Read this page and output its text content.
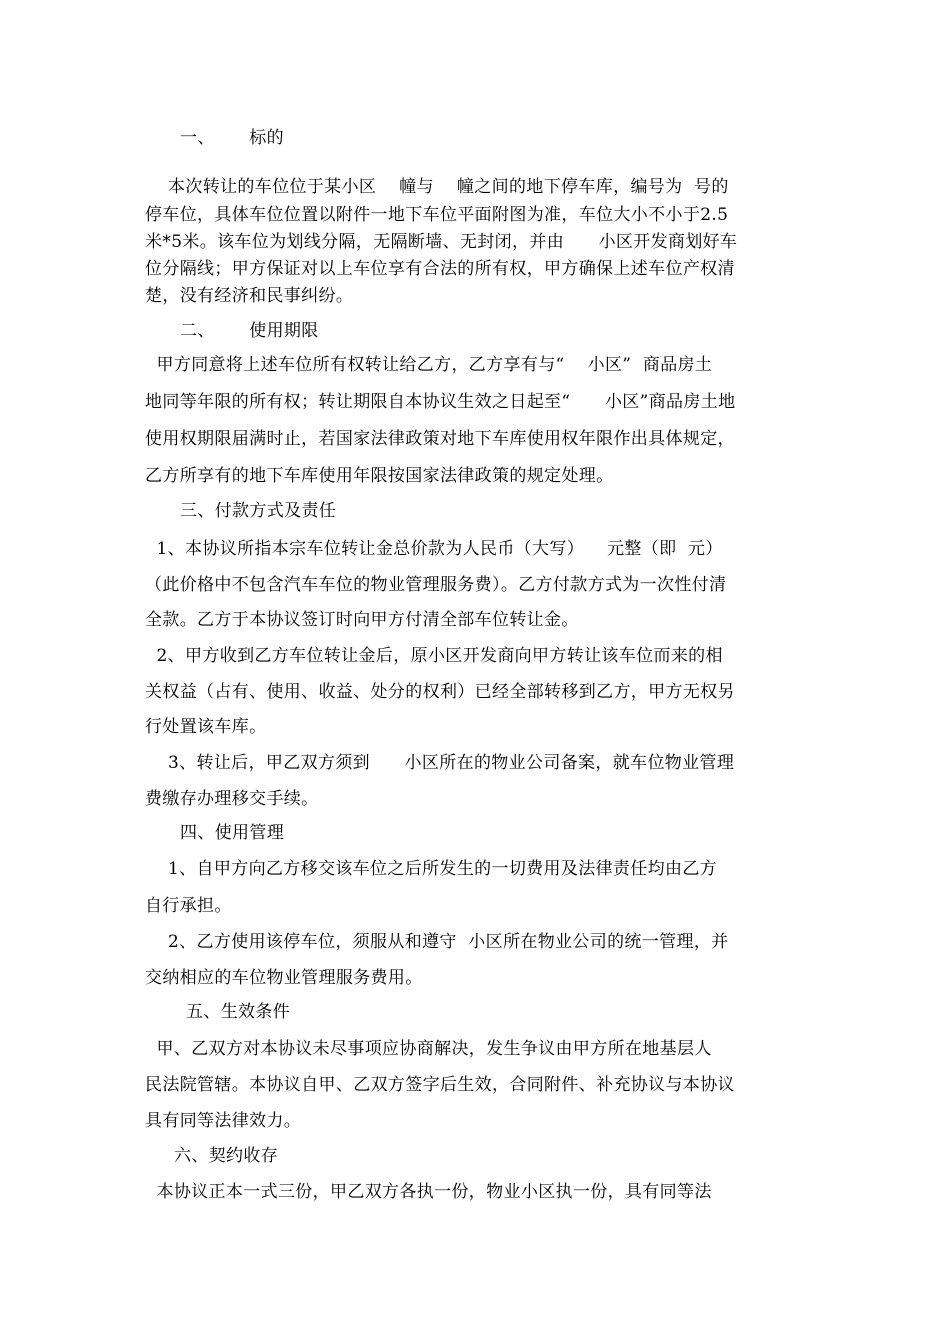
一、      标的
本次转让的车位位于某小区    幢与    幢之间的地下停车库，编号为  号的
停车位，具体车位位置以附件一地下车位平面附图为准，车位大小不小于2.5
米*5米。该车位为划线分隔，无隔断墙、无封闭，并由      小区开发商划好车
位分隔线；甲方保证对以上车位享有合法的所有权，甲方确保上述车位产权清
楚，没有经济和民事纠纷。
二、      使用期限
甲方同意将上述车位所有权转让给乙方，乙方享有与“    小区”  商品房土
地同等年限的所有权；转让期限自本协议生效之日起至“      小区”商品房土地
使用权期限届满时止，若国家法律政策对地下车库使用权年限作出具体规定，
乙方所享有的地下车库使用年限按国家法律政策的规定处理。
三、付款方式及责任
1、本协议所指本宗车位转让金总价款为人民币（大写）    元整（即  元）
（此价格中不包含汽车车位的物业管理服务费）。乙方付款方式为一次性付清
全款。乙方于本协议签订时向甲方付清全部车位转让金。
2、甲方收到乙方车位转让金后，原小区开发商向甲方转让该车位而来的相
关权益（占有、使用、收益、处分的权利）已经全部转移到乙方，甲方无权另
行处置该车库。
3、转让后，甲乙双方须到      小区所在的物业公司备案，就车位物业管理
费缴存办理移交手续。
四、使用管理
1、自甲方向乙方移交该车位之后所发生的一切费用及法律责任均由乙方
自行承担。
2、乙方使用该停车位，须服从和遵守  小区所在物业公司的统一管理，并
交纳相应的车位物业管理服务费用。
五、生效条件
甲、乙双方对本协议未尽事项应协商解决，发生争议由甲方所在地基层人
民法院管辖。本协议自甲、乙双方签字后生效，合同附件、补充协议与本协议
具有同等法律效力。
六、契约收存
本协议正本一式三份，甲乙双方各执一份，物业小区执一份，具有同等法
